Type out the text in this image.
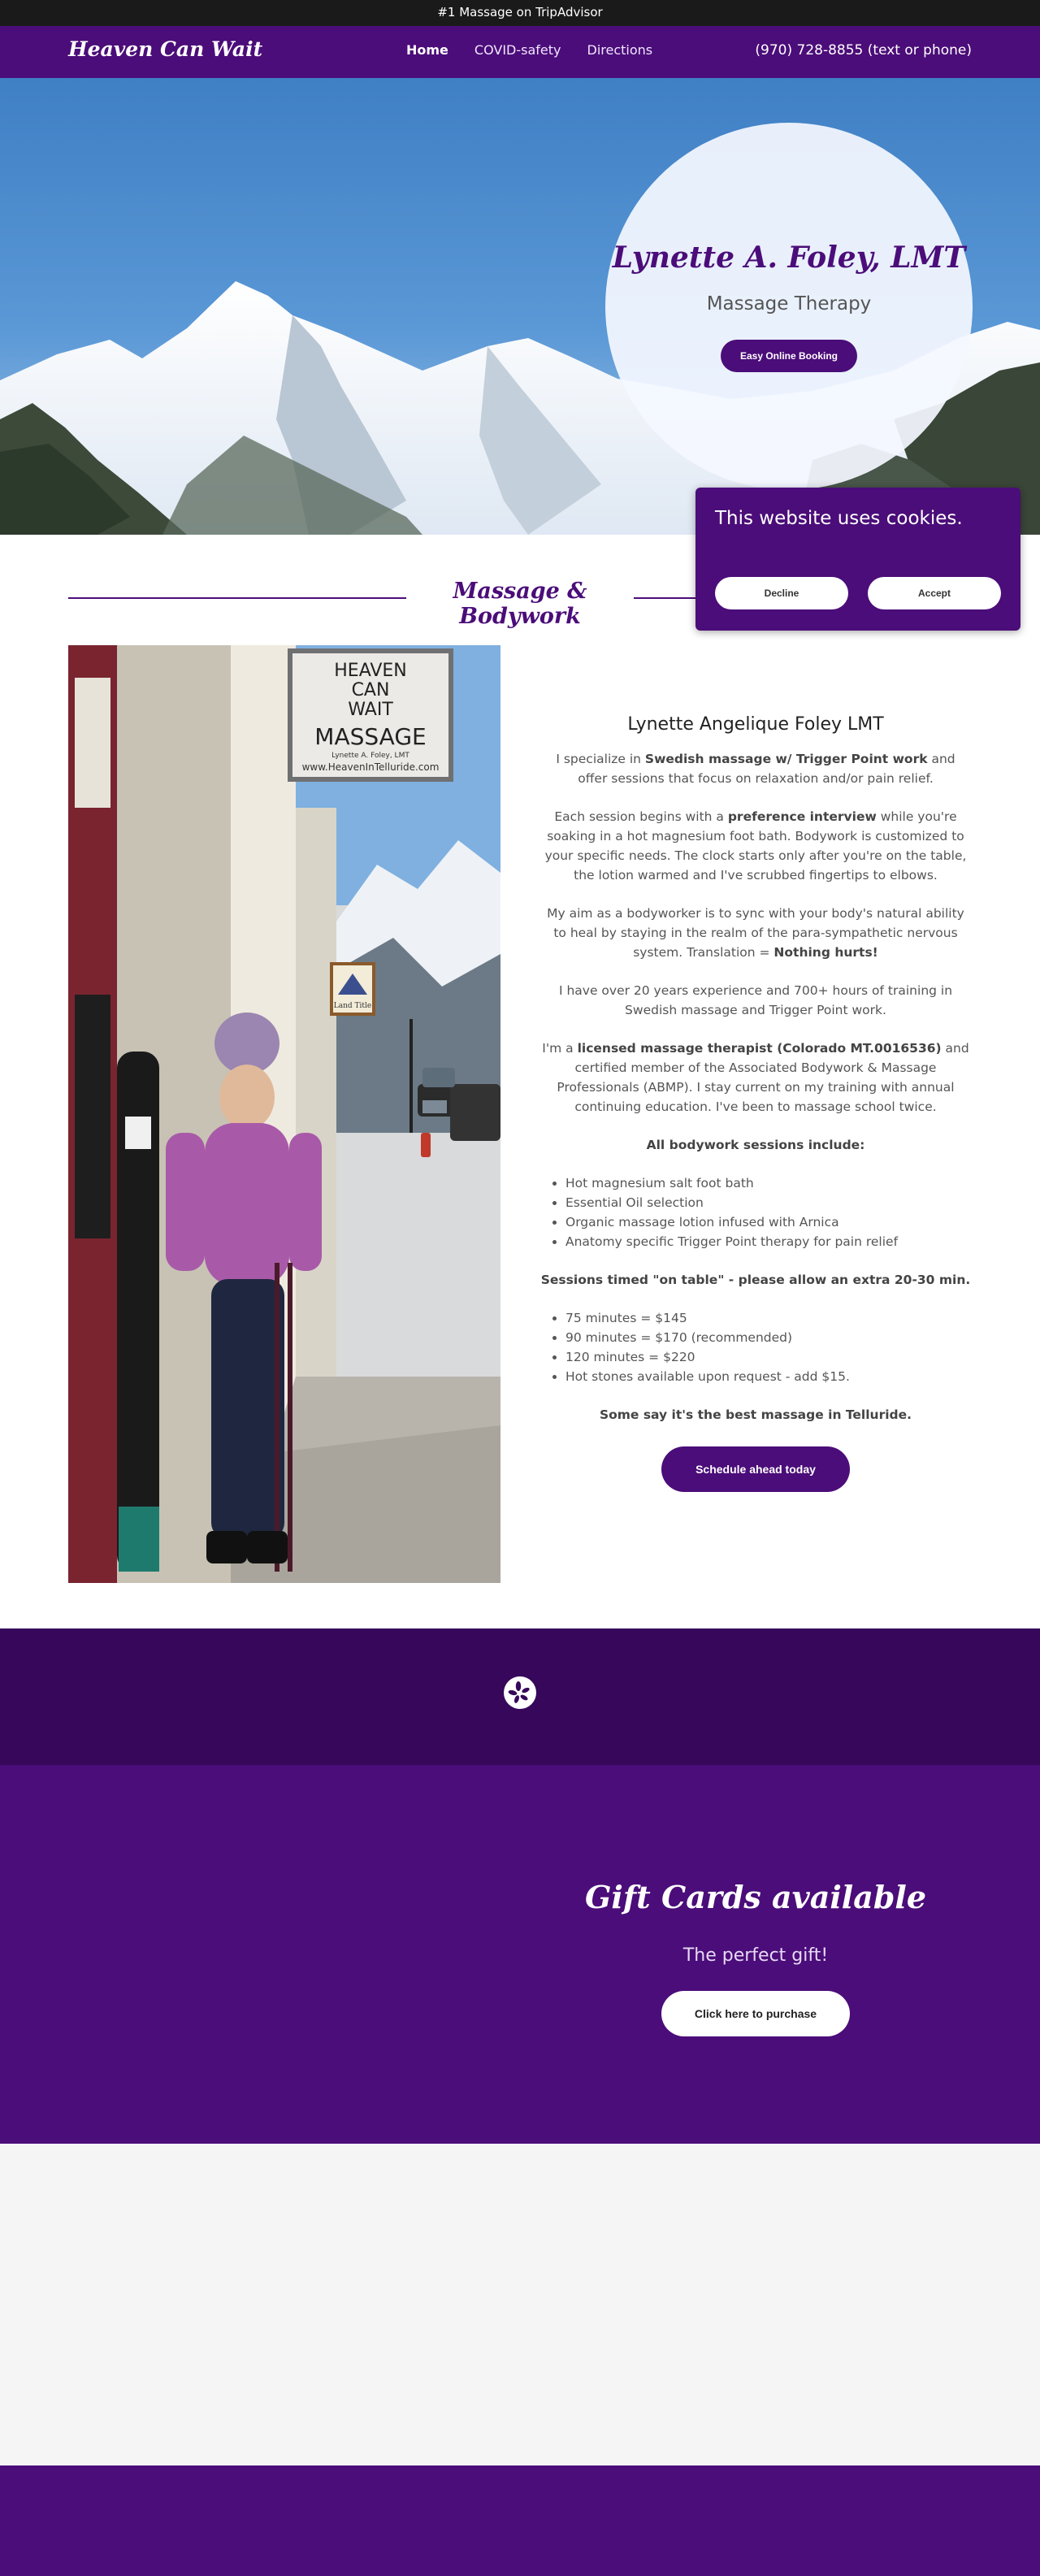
#1 Massage on TripAdvisor
Heaven Can Wait	Home COVID-safety Directions	(970) 728-8855 (text or phone)
Lynette A. Foley, LMT
Massage Therapy
Easy Online Booking
Massage & Bodywork
HEAVEN
CAN
WAIT
MASSAGE
Lynette A. Foley, LMT
www.HeavenInTelluride.com
Land Title
Lynette Angelique Foley LMT

I specialize in Swedish massage w/ Trigger Point work and offer sessions that focus on relaxation and/or pain relief.

Each session begins with a preference interview while you're soaking in a hot magnesium foot bath. Bodywork is customized to your specific needs. The clock starts only after you're on the table, the lotion warmed and I've scrubbed fingertips to elbows.

My aim as a bodyworker is to sync with your body's natural ability to heal by staying in the realm of the para-sympathetic nervous system. Translation = Nothing hurts!

I have over 20 years experience and 700+ hours of training in Swedish massage and Trigger Point work.

I'm a licensed massage therapist (Colorado MT.0016536) and certified member of the Associated Bodywork & Massage Professionals (ABMP). I stay current on my training with annual continuing education. I've been to massage school twice.

All bodywork sessions include:

• Hot magnesium salt foot bath
• Essential Oil selection
• Organic massage lotion infused with Arnica
• Anatomy specific Trigger Point therapy for pain relief

Sessions timed "on table" - please allow an extra 20-30 min.

• 75 minutes = $145
• 90 minutes = $170 (recommended)
• 120 minutes = $220
• Hot stones available upon request - add $15.

Some say it's the best massage in Telluride.

Schedule ahead today
This website uses cookies.
Decline	Accept
Gift Cards available
The perfect gift!
Click here to purchase
